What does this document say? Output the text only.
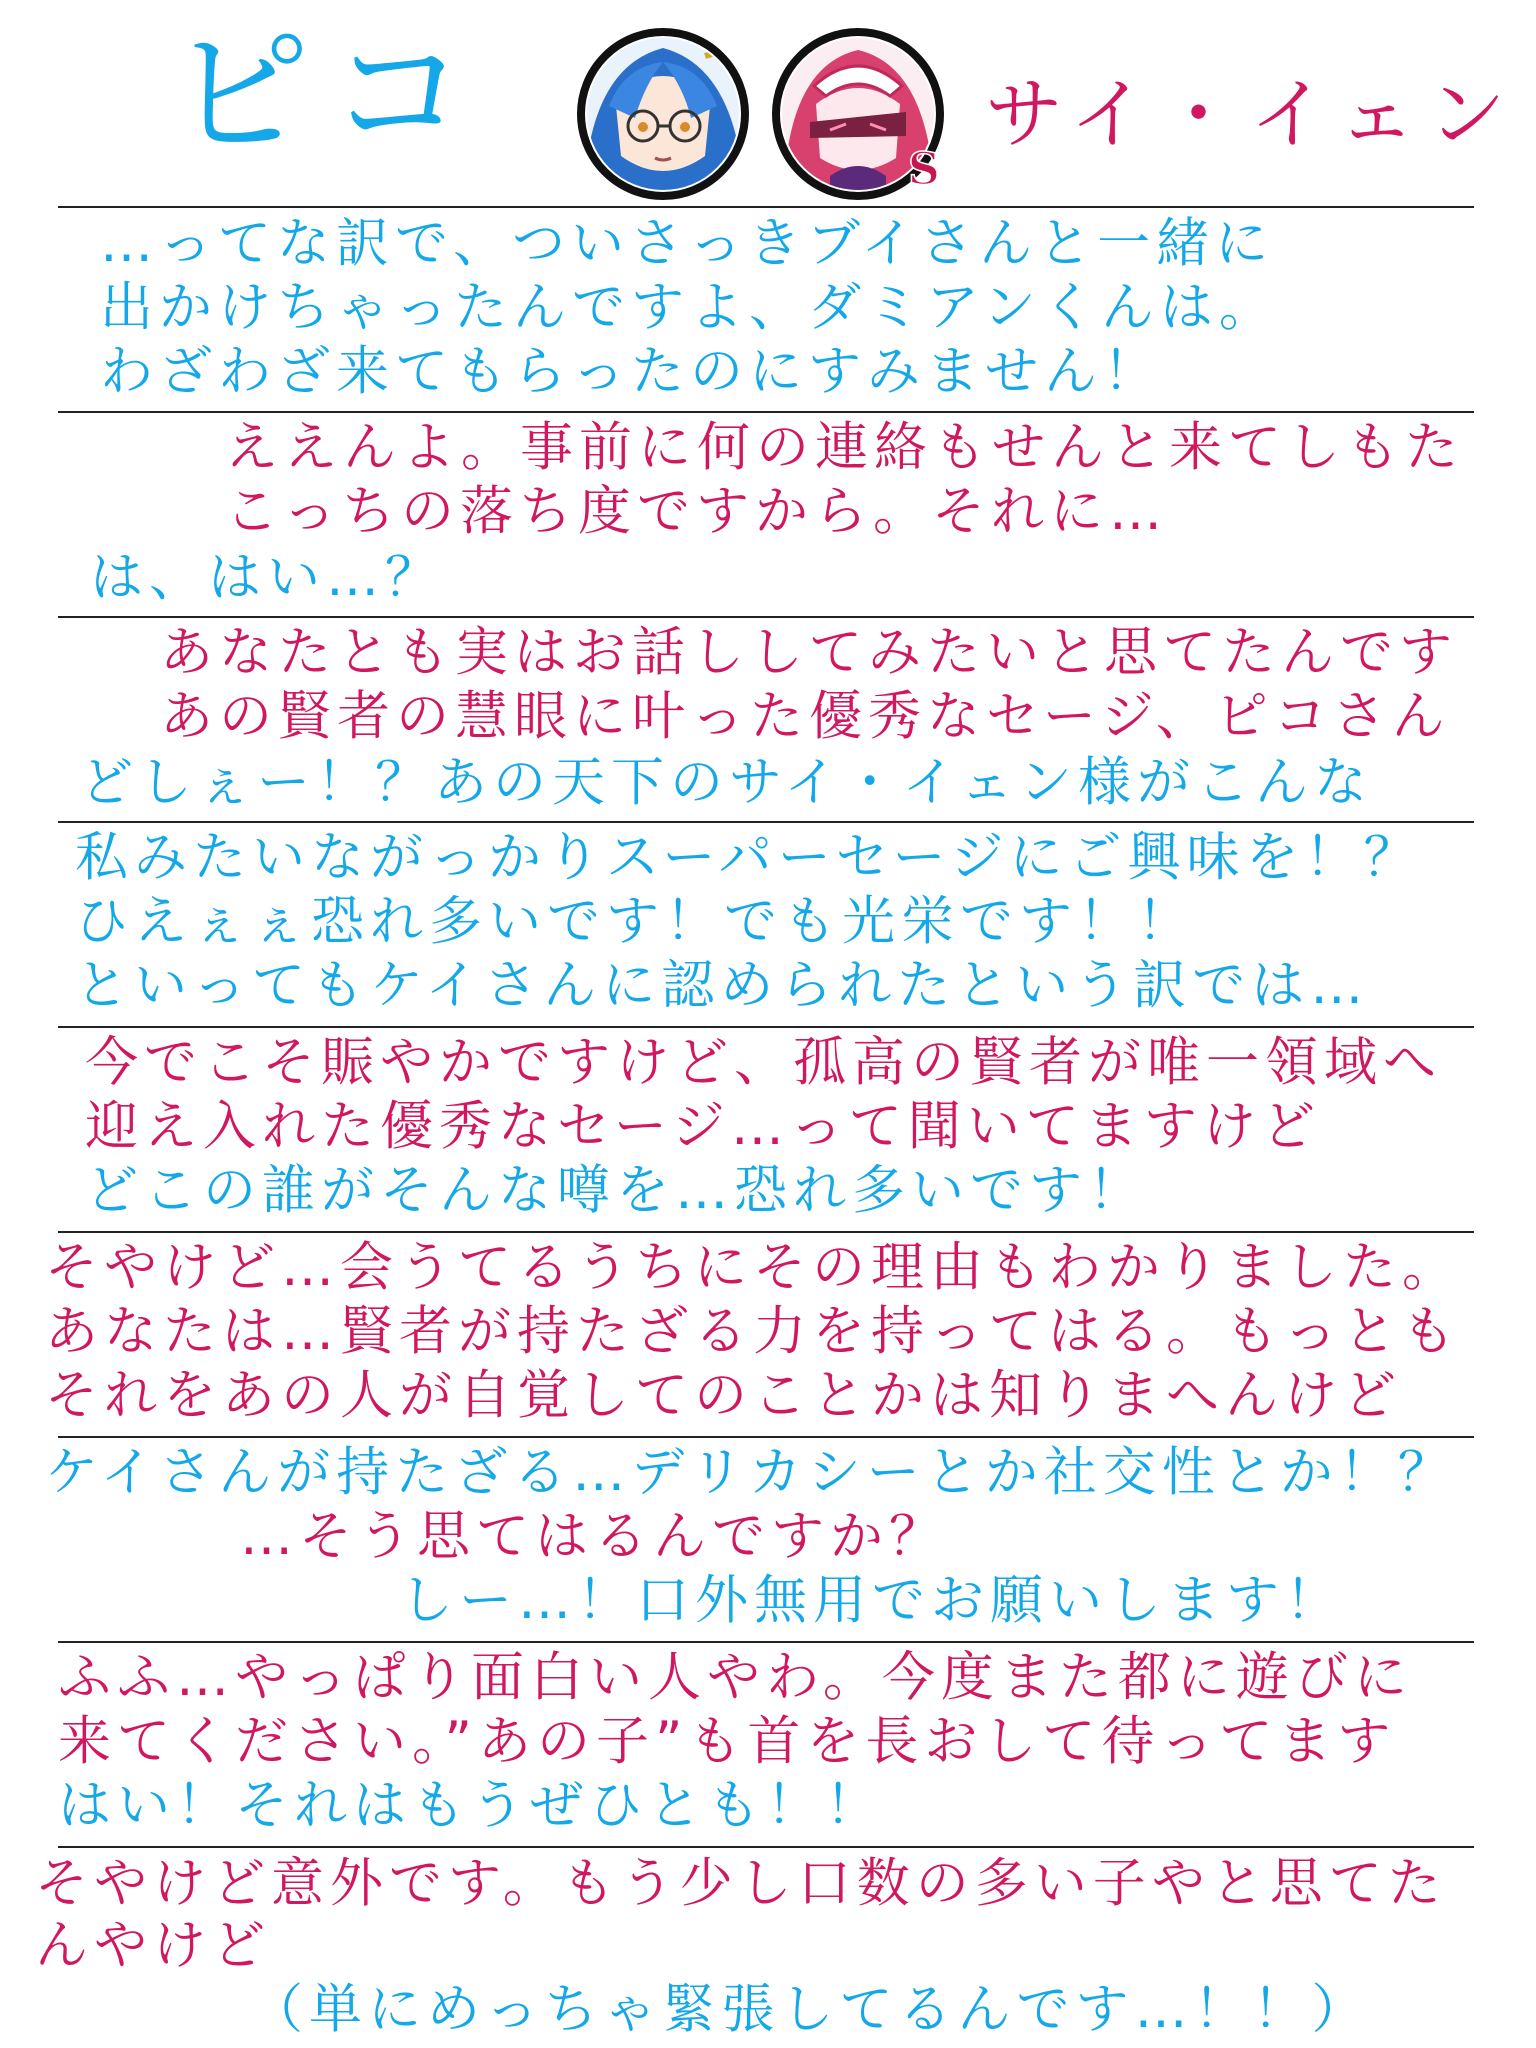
ピコ	S
サイ・イェン
…ってな訳で、ついさっきブイさんと一緒に
出かけちゃったんですよ、ダミアンくんは。
わざわざ来てもらったのにすみません！
ええんよ。事前に何の連絡もせんと来てしもた
こっちの落ち度ですから。それに…
は、はい…？
あなたとも実はお話ししてみたいと思てたんです
あの賢者の慧眼に叶った優秀なセージ、ピコさん
どしぇー！？あの天下のサイ・イェン様がこんな
私みたいながっかりスーパーセージにご興味を！？
ひえぇぇ恐れ多いです！でも光栄です！！
といってもケイさんに認められたという訳では…
今でこそ賑やかですけど、孤高の賢者が唯一領域へ
迎え入れた優秀なセージ…って聞いてますけど
どこの誰がそんな噂を…恐れ多いです！
そやけど…会うてるうちにその理由もわかりました。
あなたは…賢者が持たざる力を持ってはる。もっとも
それをあの人が自覚してのことかは知りまへんけど
ケイさんが持たざる…デリカシーとか社交性とか！？
…そう思てはるんですか？
しー…！口外無用でお願いします！
ふふ…やっぱり面白い人やわ。今度また都に遊びに
来てください。”あの子”も首を長おして待ってます
はい！それはもうぜひとも！！
そやけど意外です。もう少し口数の多い子やと思てた
んやけど
（単にめっちゃ緊張してるんです…！！）
